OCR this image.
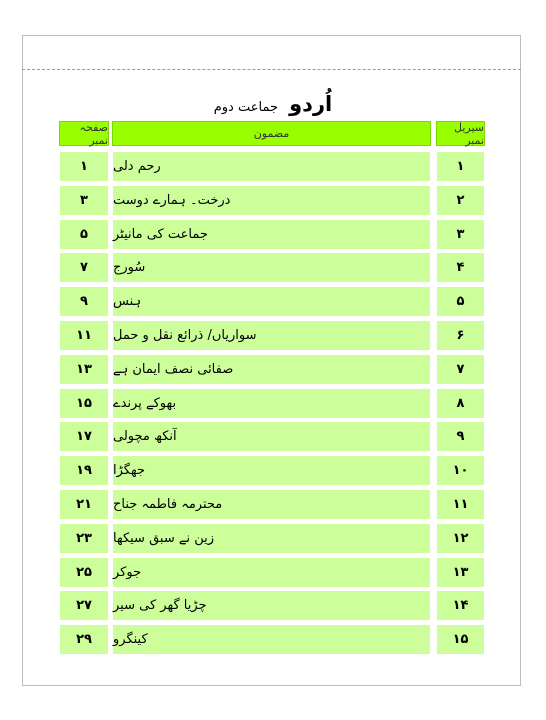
اُردو جماعت دوم
صفحہ نمبر	مضمون	سیریل نمبر
۱	رحم دلی	۱
۳	درخت۔ ہمارے دوست	۲
۵	جماعت کی مانیٹر	۳
۷	سُورج	۴
۹	ہنس	۵
۱۱	سواریاں/ ذرائع نقل و حمل	۶
۱۳	صفائی نصف ایمان ہے	۷
۱۵	بھوکے پرندے	۸
۱۷	آنکھ مچولی	۹
۱۹	جھگڑا	۱۰
۲۱	محترمہ فاطمہ جناح	۱۱
۲۳	زین نے سبق سیکھا	۱۲
۲۵	جوکر	۱۳
۲۷	چڑیا گھر کی سیر	۱۴
۲۹	کینگرو	۱۵
